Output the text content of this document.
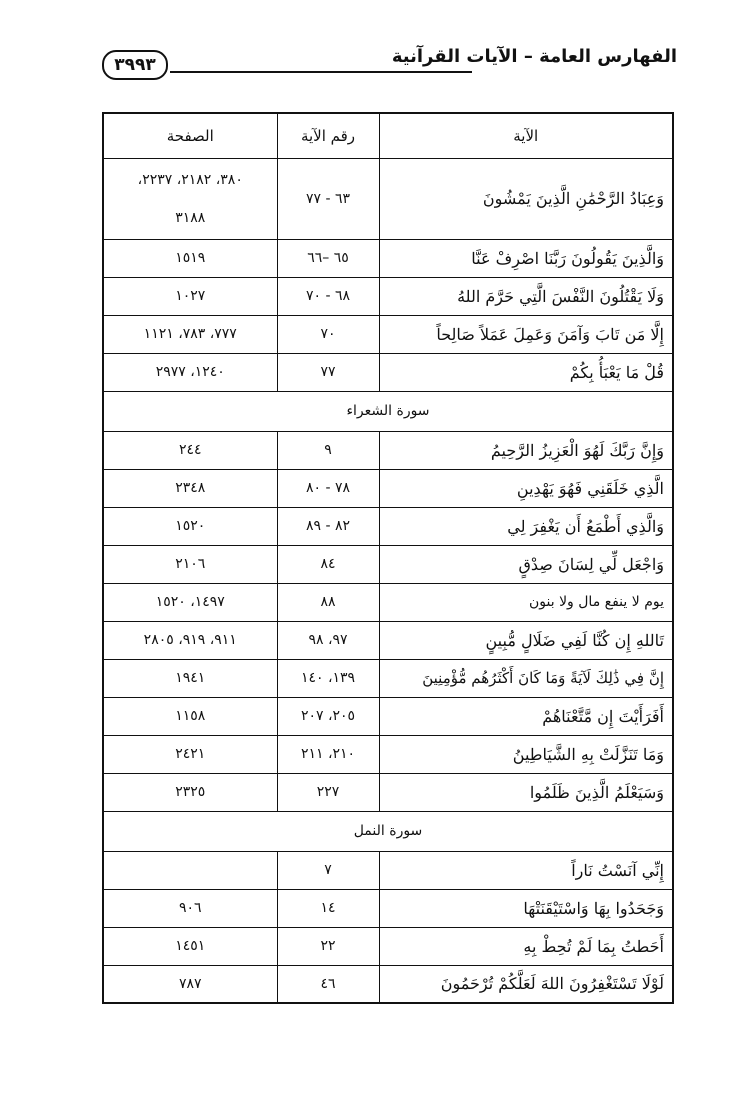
الفهارس العامة – الآيات القرآنية
٣٩٩٣
الآية	رقم الآية	الصفحة
وَعِبَادُ الرَّحْمَٰنِ الَّذِينَ يَمْشُونَ	٦٣ - ٧٧	٣٨٠، ٢١٨٢، ٢٢٣٧،
٣١٨٨

وَالَّذِينَ يَقُولُونَ رَبَّنَا اصْرِفْ عَنَّا	٦٥ –٦٦	١٥١٩
وَلَا يَقْتُلُونَ النَّفْسَ الَّتِي حَرَّمَ اللهُ	٦٨ - ٧٠	١٠٢٧
إِلَّا مَن تَابَ وَآمَنَ وَعَمِلَ عَمَلاً صَالِحاً	٧٠	٧٧٧، ٧٨٣، ١١٢١
قُلْ مَا يَعْبَأُ بِكُمْ	٧٧	١٢٤٠، ٢٩٧٧
سورة الشعراء		
وَإِنَّ رَبَّكَ لَهُوَ الْعَزِيزُ الرَّحِيمُ	٩	٢٤٤
الَّذِي خَلَقَنِي فَهُوَ يَهْدِينِ	٧٨ - ٨٠	٢٣٤٨
وَالَّذِي أَطْمَعُ أَن يَغْفِرَ لِي	٨٢ - ٨٩	١٥٢٠
وَاجْعَل لِّي لِسَانَ صِدْقٍ	٨٤	٢١٠٦
يوم لا ينفع مال ولا بنون	٨٨	١٤٩٧، ١٥٢٠
تَاللهِ إِن كُنَّا لَفِي ضَلَالٍ مُّبِينٍ	٩٧، ٩٨	٩١١، ٩١٩، ٢٨٠٥
إِنَّ فِي ذَٰلِكَ لَآيَةً وَمَا كَانَ أَكْثَرُهُم مُّؤْمِنِينَ	١٣٩، ١٤٠	١٩٤١
أَفَرَأَيْتَ إِن مَّتَّعْنَاهُمْ	٢٠٥، ٢٠٧	١١٥٨
وَمَا تَنَزَّلَتْ بِهِ الشَّيَاطِينُ	٢١٠، ٢١١	٢٤٢١
وَسَيَعْلَمُ الَّذِينَ ظَلَمُوا	٢٢٧	٢٣٢٥
سورة النمل		
إِنِّي آنَسْتُ نَاراً	٧	
وَجَحَدُوا بِهَا وَاسْتَيْقَنَتْهَا	١٤	٩٠٦
أَحَطتُ بِمَا لَمْ تُحِطْ بِهِ	٢٢	١٤٥١
لَوْلَا تَسْتَغْفِرُونَ اللهَ لَعَلَّكُمْ تُرْحَمُونَ	٤٦	٧٨٧
